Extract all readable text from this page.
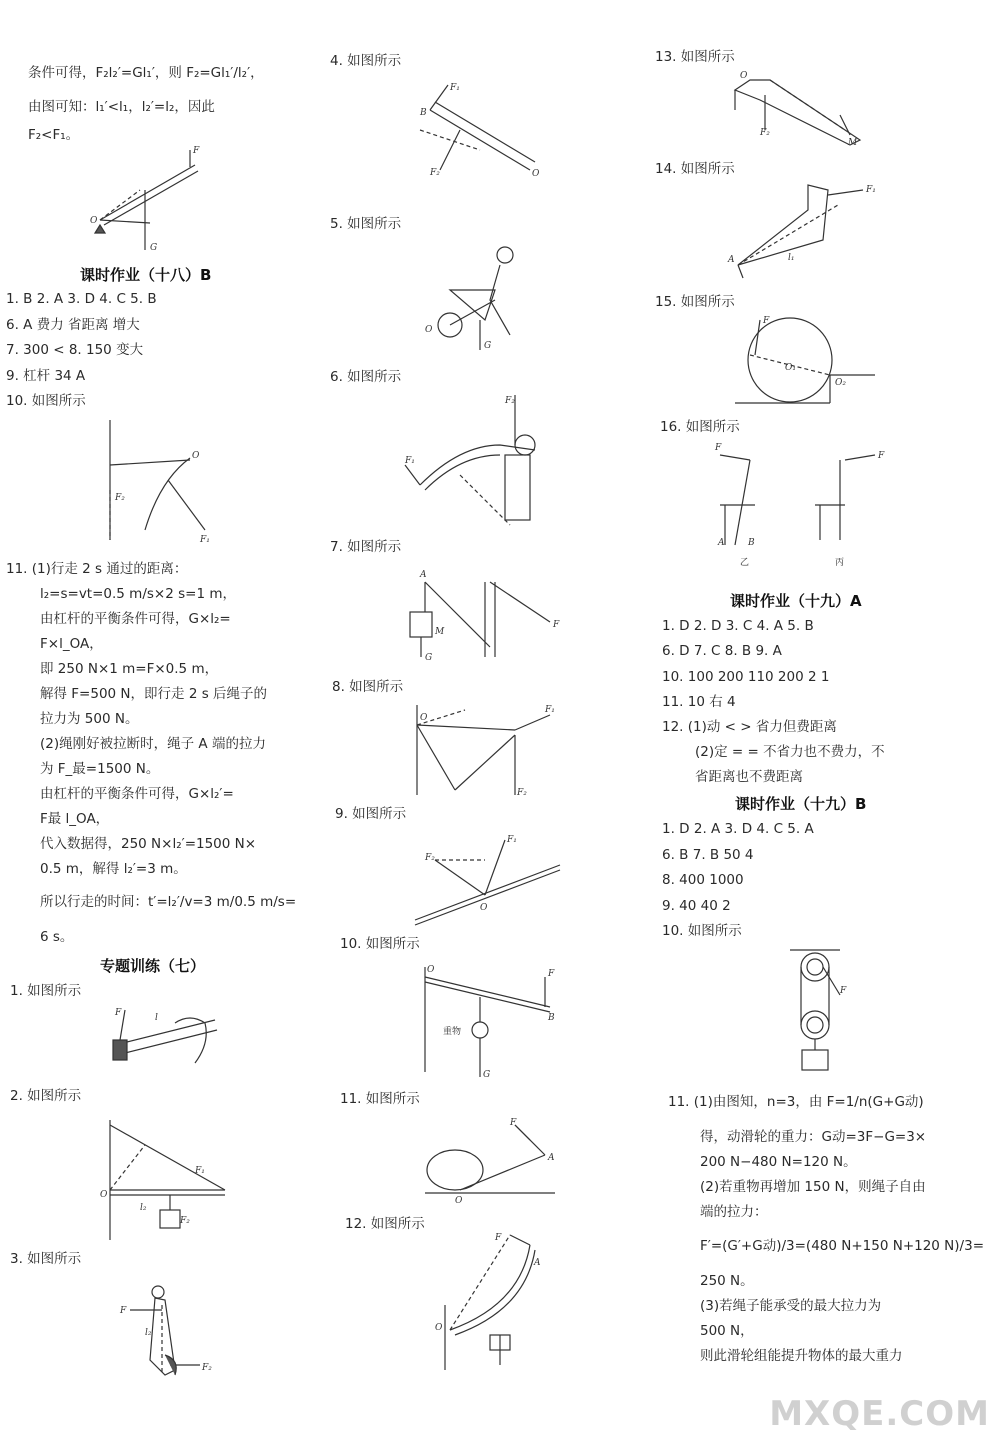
条件可得，F₂l₂′=Gl₁′，则 F₂=Gl₁′/l₂′，
由图可知：l₁′<l₁，l₂′=l₂，因此
F₂<F₁。
O
G
F
课时作业（十八）B
1. B 2. A 3. D 4. C 5. B
6. A 费力 省距离 增大
7. 300 < 8. 150 变大
9. 杠杆 34 A
10. 如图所示
O
F₂
F₁
11. (1)行走 2 s 通过的距离：
l₂=s=vt=0.5 m/s×2 s=1 m，
由杠杆的平衡条件可得，G×l₂=
F×l_OA，
即 250 N×1 m=F×0.5 m，
解得 F=500 N，即行走 2 s 后绳子的
拉力为 500 N。
(2)绳刚好被拉断时，绳子 A 端的拉力
为 F_最=1500 N。
由杠杆的平衡条件可得，G×l₂′=
F最 l_OA，
代入数据得，250 N×l₂′=1500 N×
0.5 m，解得 l₂′=3 m。
所以行走的时间：t′=l₂′/v=3 m/0.5 m/s=
6 s。
专题训练（七）
1. 如图所示
F	l
2. 如图所示
O
F₁
l₂
F₂
3. 如图所示
F
l₂
F₂
4. 如图所示
B
F₁
O
F₂
5. 如图所示
O
G
6. 如图所示
F₂
F₁
7. 如图所示
A
F
M
G
8. 如图所示
O
F₁
F₂
9. 如图所示
O
F₂
F₁
10. 如图所示
O	F
B
G
重物
11. 如图所示
O
A
F
12. 如图所示
O
F
A
13. 如图所示
O
F₂
M
14. 如图所示
F₁
l₁
A
15. 如图所示
F
O₁
O₂
16. 如图所示
F
F
A	B
乙	丙
课时作业（十九）A
1. D 2. D 3. C 4. A 5. B
6. D 7. C 8. B 9. A
10. 100 200 110 200 2 1
11. 10 右 4
12. (1)动 < > 省力但费距离
(2)定 = = 不省力也不费力，不
省距离也不费距离
课时作业（十九）B
1. D 2. A 3. D 4. C 5. A
6. B 7. B 50 4
8. 400 1000
9. 40 40 2
10. 如图所示
F
11. (1)由图知，n=3，由 F=1/n(G+G动)
得，动滑轮的重力：G动=3F−G=3×
200 N−480 N=120 N。
(2)若重物再增加 150 N，则绳子自由
端的拉力：
F′=(G′+G动)/3=(480 N+150 N+120 N)/3=
250 N。
(3)若绳子能承受的最大拉力为
500 N，
则此滑轮组能提升物体的最大重力
MXQE.COM
